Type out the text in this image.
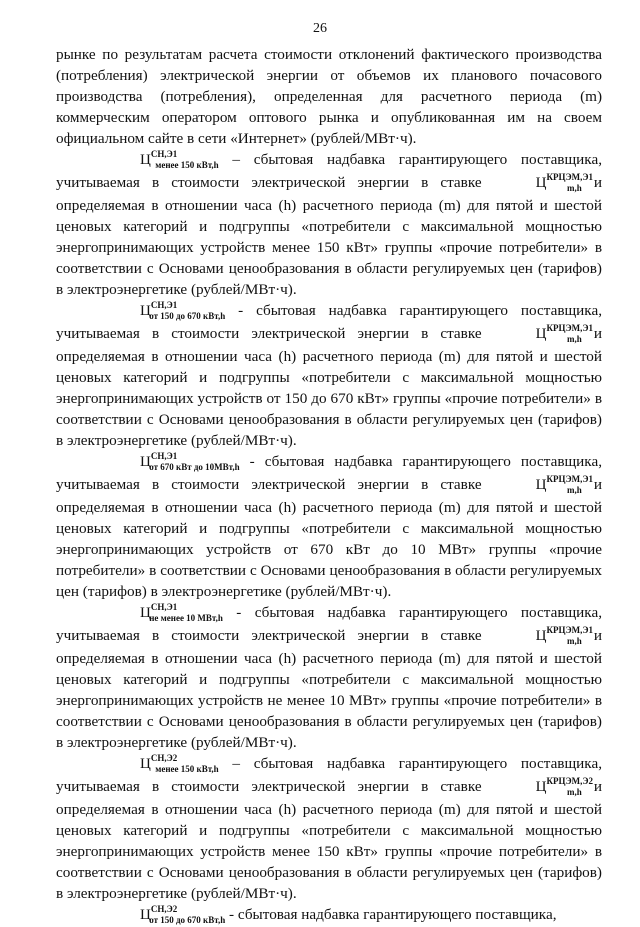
26

рынке по результатам расчета стоимости отклонений фактического производства (потребления) электрической энергии от объемов их планового почасового производства (потребления), определенная для расчетного периода (m) коммерческим оператором оптового рынка и опубликованная им на своем официальном сайте в сети «Интернет» (рублей/МВт·ч).

$Ц^{СН,Э1}_{менее 150 кВт,h}$ – сбытовая надбавка гарантирующего поставщика, учитываемая в стоимости электрической энергии в ставке	$Ц^{КРЦЭМ,Э1}_{m,h}$ и определяемая в отношении часа (h) расчетного периода (m) для пятой и шестой ценовых категорий и подгруппы «потребители с максимальной мощностью энергопринимающих устройств менее 150 кВт» группы «прочие потребители» в соответствии с Основами ценообразования в области регулируемых цен (тарифов) в электроэнергетике (рублей/МВт·ч).

$Ц^{СН,Э1}_{от 150 до 670 кВт,h}$ - сбытовая надбавка гарантирующего поставщика, учитываемая в стоимости электрической энергии в ставке	$Ц^{КРЦЭМ,Э1}_{m,h}$ и определяемая в отношении часа (h) расчетного периода (m) для пятой и шестой ценовых категорий и подгруппы «потребители с максимальной мощностью энергопринимающих устройств от 150 до 670 кВт» группы «прочие потребители» в соответствии с Основами ценообразования в области регулируемых цен (тарифов) в электроэнергетике (рублей/МВт·ч).

$Ц^{СН,Э1}_{от 670 кВт до 10МВт,h}$ - сбытовая надбавка гарантирующего поставщика, учитываемая в стоимости электрической энергии в ставке	$Ц^{КРЦЭМ,Э1}_{m,h}$ и определяемая в отношении часа (h) расчетного периода (m) для пятой и шестой ценовых категорий и подгруппы «потребители с максимальной мощностью энергопринимающих устройств от 670 кВт до 10 МВт» группы «прочие потребители» в соответствии с Основами ценообразования в области регулируемых цен (тарифов) в электроэнергетике (рублей/МВт·ч).

$Ц^{СН,Э1}_{не менее 10 МВт,h}$ - сбытовая надбавка гарантирующего поставщика, учитываемая в стоимости электрической энергии в ставке	$Ц^{КРЦЭМ,Э1}_{m,h}$ и определяемая в отношении часа (h) расчетного периода (m) для пятой и шестой ценовых категорий и подгруппы «потребители с максимальной мощностью энергопринимающих устройств не менее 10 МВт» группы «прочие потребители» в соответствии с Основами ценообразования в области регулируемых цен (тарифов) в электроэнергетике (рублей/МВт·ч).

$Ц^{СН,Э2}_{менее 150 кВт,h}$ – сбытовая надбавка гарантирующего поставщика, учитываемая в стоимости электрической энергии в ставке	$Ц^{КРЦЭМ,Э2}_{m,h}$ и определяемая в отношении часа (h) расчетного периода (m) для пятой и шестой ценовых категорий и подгруппы «потребители с максимальной мощностью энергопринимающих устройств менее 150 кВт» группы «прочие потребители» в соответствии с Основами ценообразования в области регулируемых цен (тарифов) в электроэнергетике (рублей/МВт·ч).

$Ц^{СН,Э2}_{от 150 до 670 кВт,h}$ - сбытовая надбавка гарантирующего поставщика,
